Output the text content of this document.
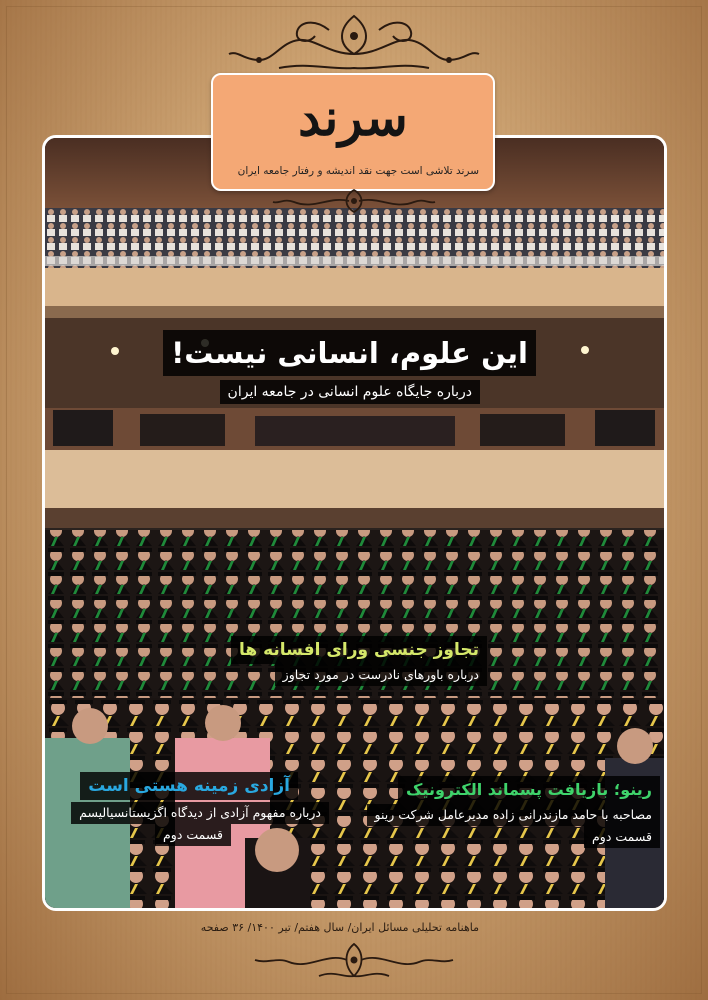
سرند
سرند تلاشی است جهت نقد اندیشه و رفتار جامعه ایران
این علوم، انسانی نیست!
درباره جایگاه علوم انسانی در جامعه ایران
تجاوز جنسی ورای افسانه ها
درباره باورهای نادرست در مورد تجاوز
آزادی زمینه هستی است
درباره مفهوم آزادی از دیدگاه اگزیستانسیالیسم
قسمت دوم
رینو؛ بازیافت پسماند الکترونیک
مصاحبه با حامد مازندرانی زاده مدیرعامل شرکت رینو
قسمت دوم
ماهنامه تحلیلی مسائل ایران/ سال هفتم/ تیر ۱۴۰۰/ ۳۶ صفحه
